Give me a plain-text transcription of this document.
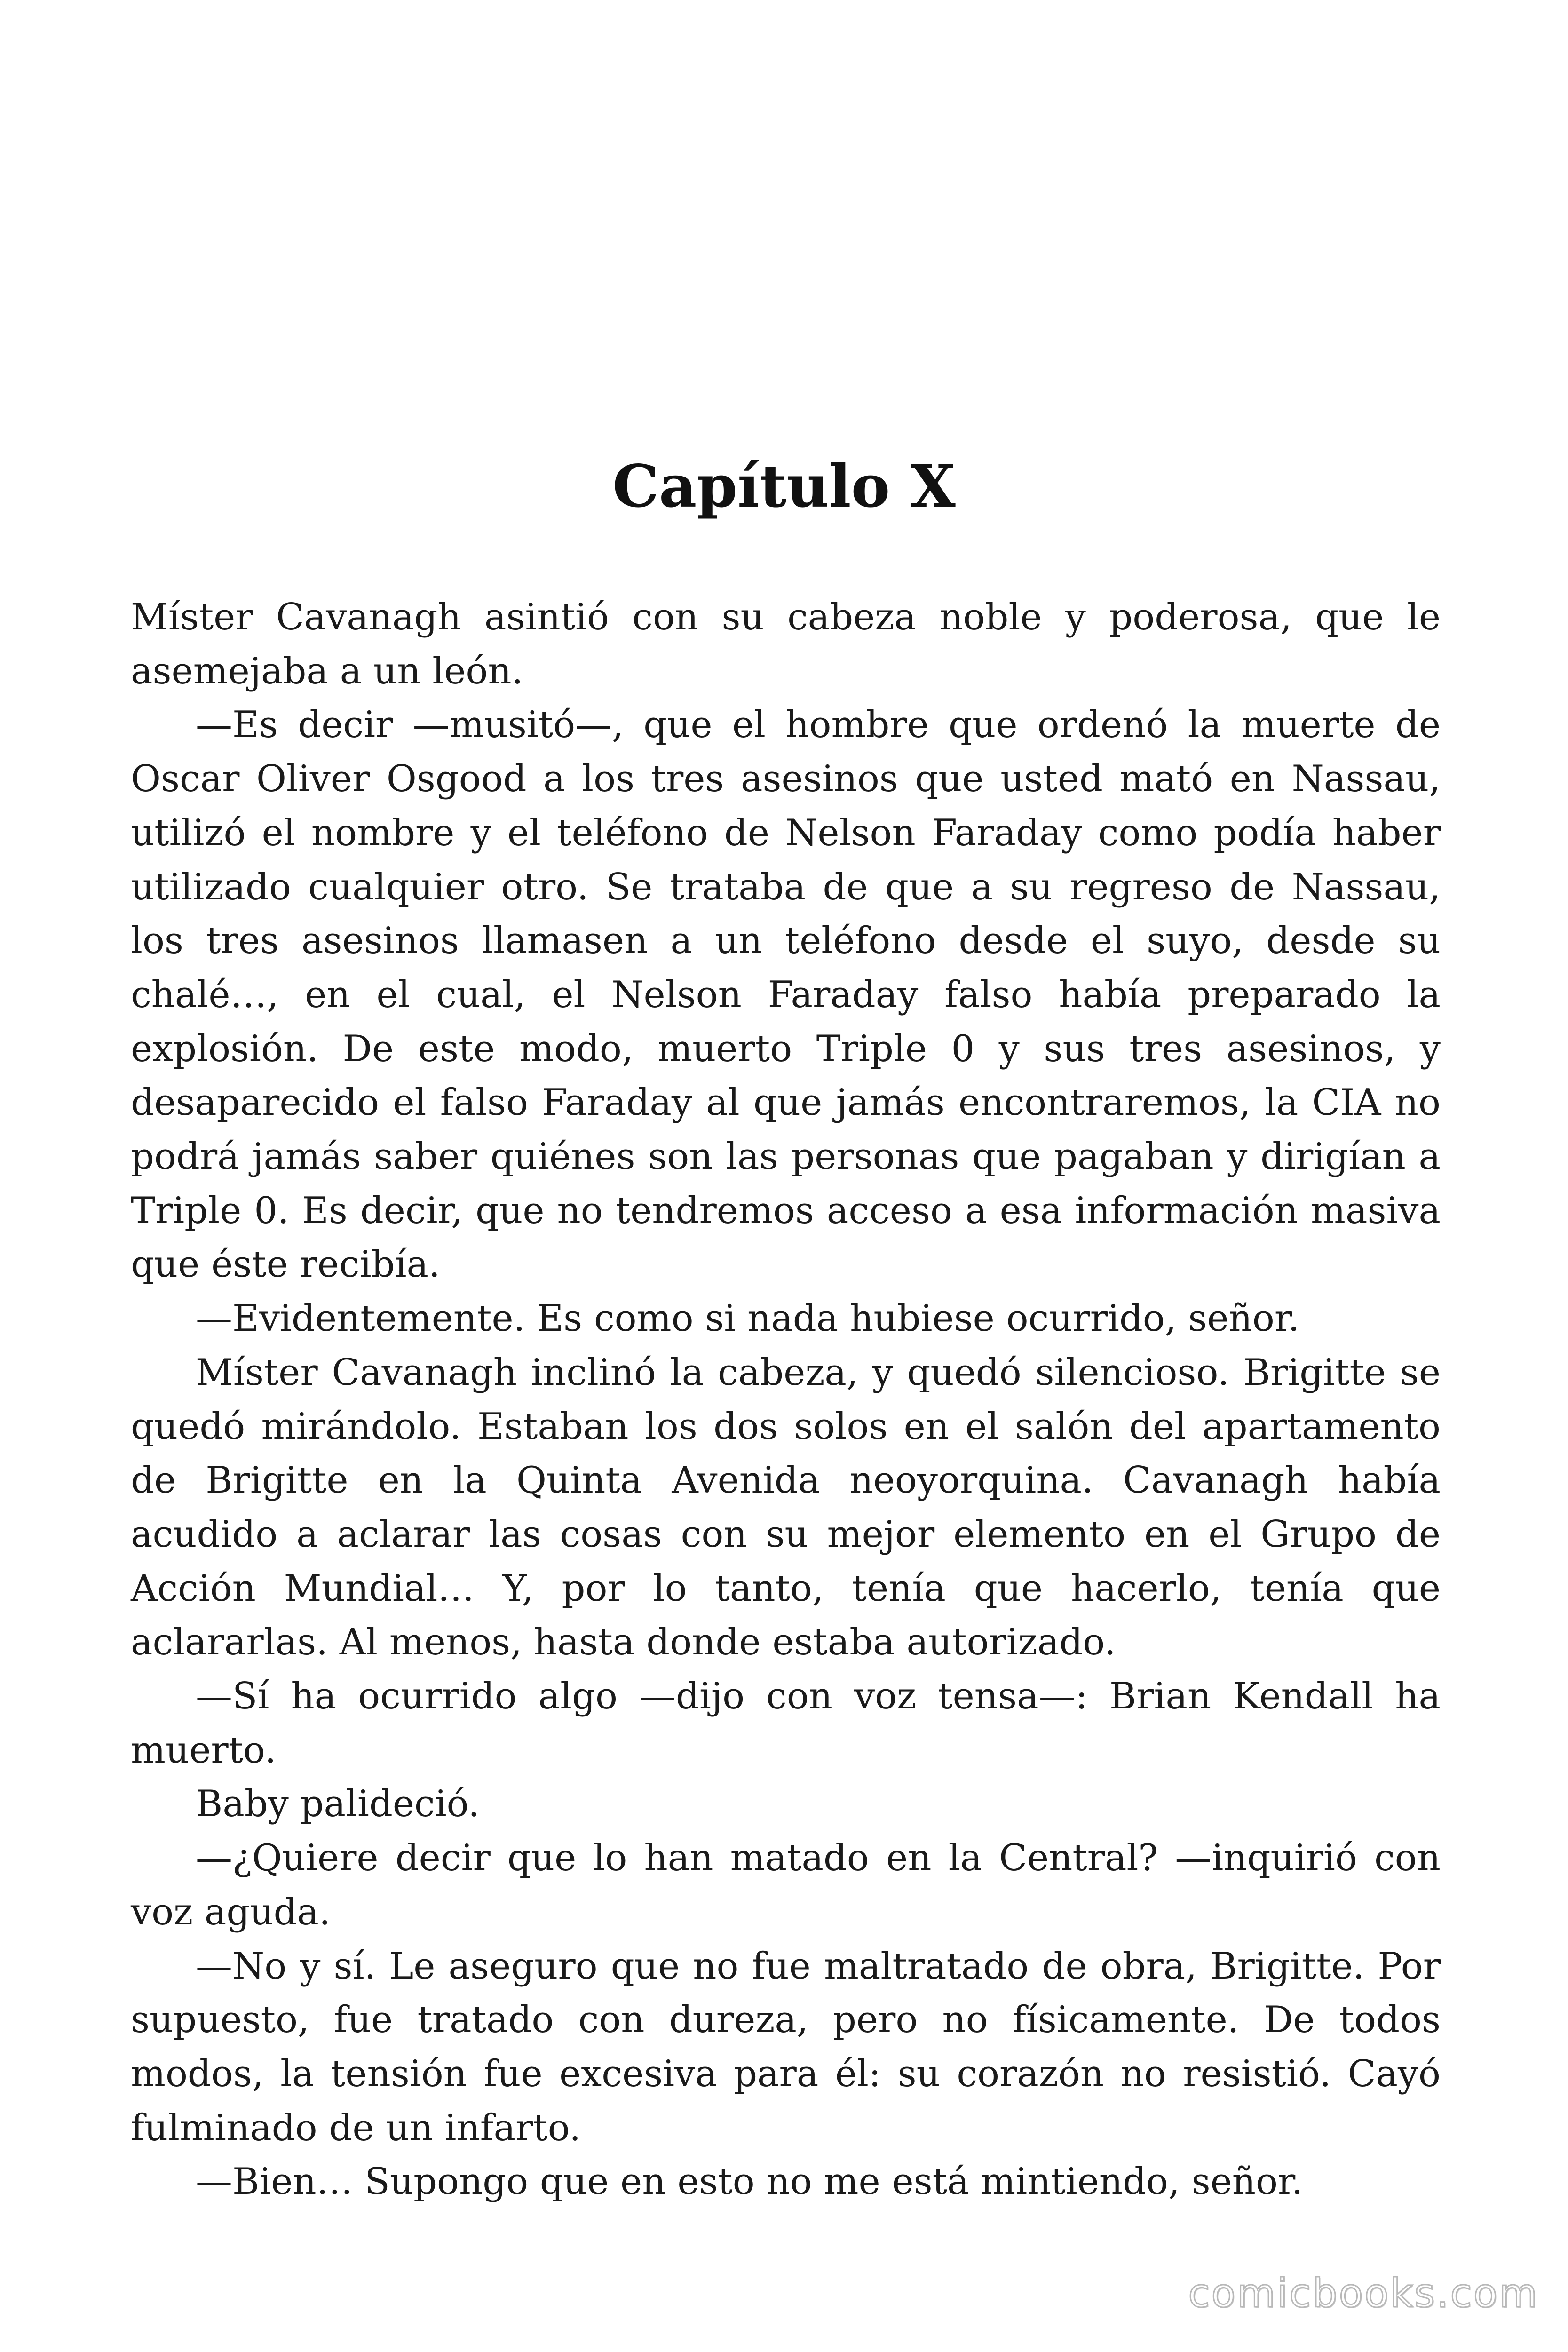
Capítulo X

Míster Cavanagh asintió con su cabeza noble y poderosa, que le asemejaba a un león.

—Es decir —musitó—, que el hombre que ordenó la muerte de Oscar Oliver Osgood a los tres asesinos que usted mató en Nassau, utilizó el nombre y el teléfono de Nelson Faraday como podía haber utilizado cualquier otro. Se trataba de que a su regreso de Nassau, los tres asesinos llamasen a un teléfono desde el suyo, desde su chalé…, en el cual, el Nelson Faraday falso había preparado la explosión. De este modo, muerto Triple 0 y sus tres asesinos, y desaparecido el falso Faraday al que jamás encontraremos, la CIA no podrá jamás saber quiénes son las personas que pagaban y dirigían a Triple 0. Es decir, que no tendremos acceso a esa información masiva que éste recibía.

—Evidentemente. Es como si nada hubiese ocurrido, señor.

Míster Cavanagh inclinó la cabeza, y quedó silencioso. Brigitte se quedó mirándolo. Estaban los dos solos en el salón del apartamento de Brigitte en la Quinta Avenida neoyorquina. Cavanagh había acudido a aclarar las cosas con su mejor elemento en el Grupo de Acción Mundial… Y, por lo tanto, tenía que hacerlo, tenía que aclararlas. Al menos, hasta donde estaba autorizado.

—Sí ha ocurrido algo —dijo con voz tensa—: Brian Kendall ha muerto.

Baby palideció.

—¿Quiere decir que lo han matado en la Central? —inquirió con voz aguda.

—No y sí. Le aseguro que no fue maltratado de obra, Brigitte. Por supuesto, fue tratado con dureza, pero no físicamente. De todos modos, la tensión fue excesiva para él: su corazón no resistió. Cayó fulminado de un infarto.

—Bien… Supongo que en esto no me está mintiendo, señor.

comicbooks.com
